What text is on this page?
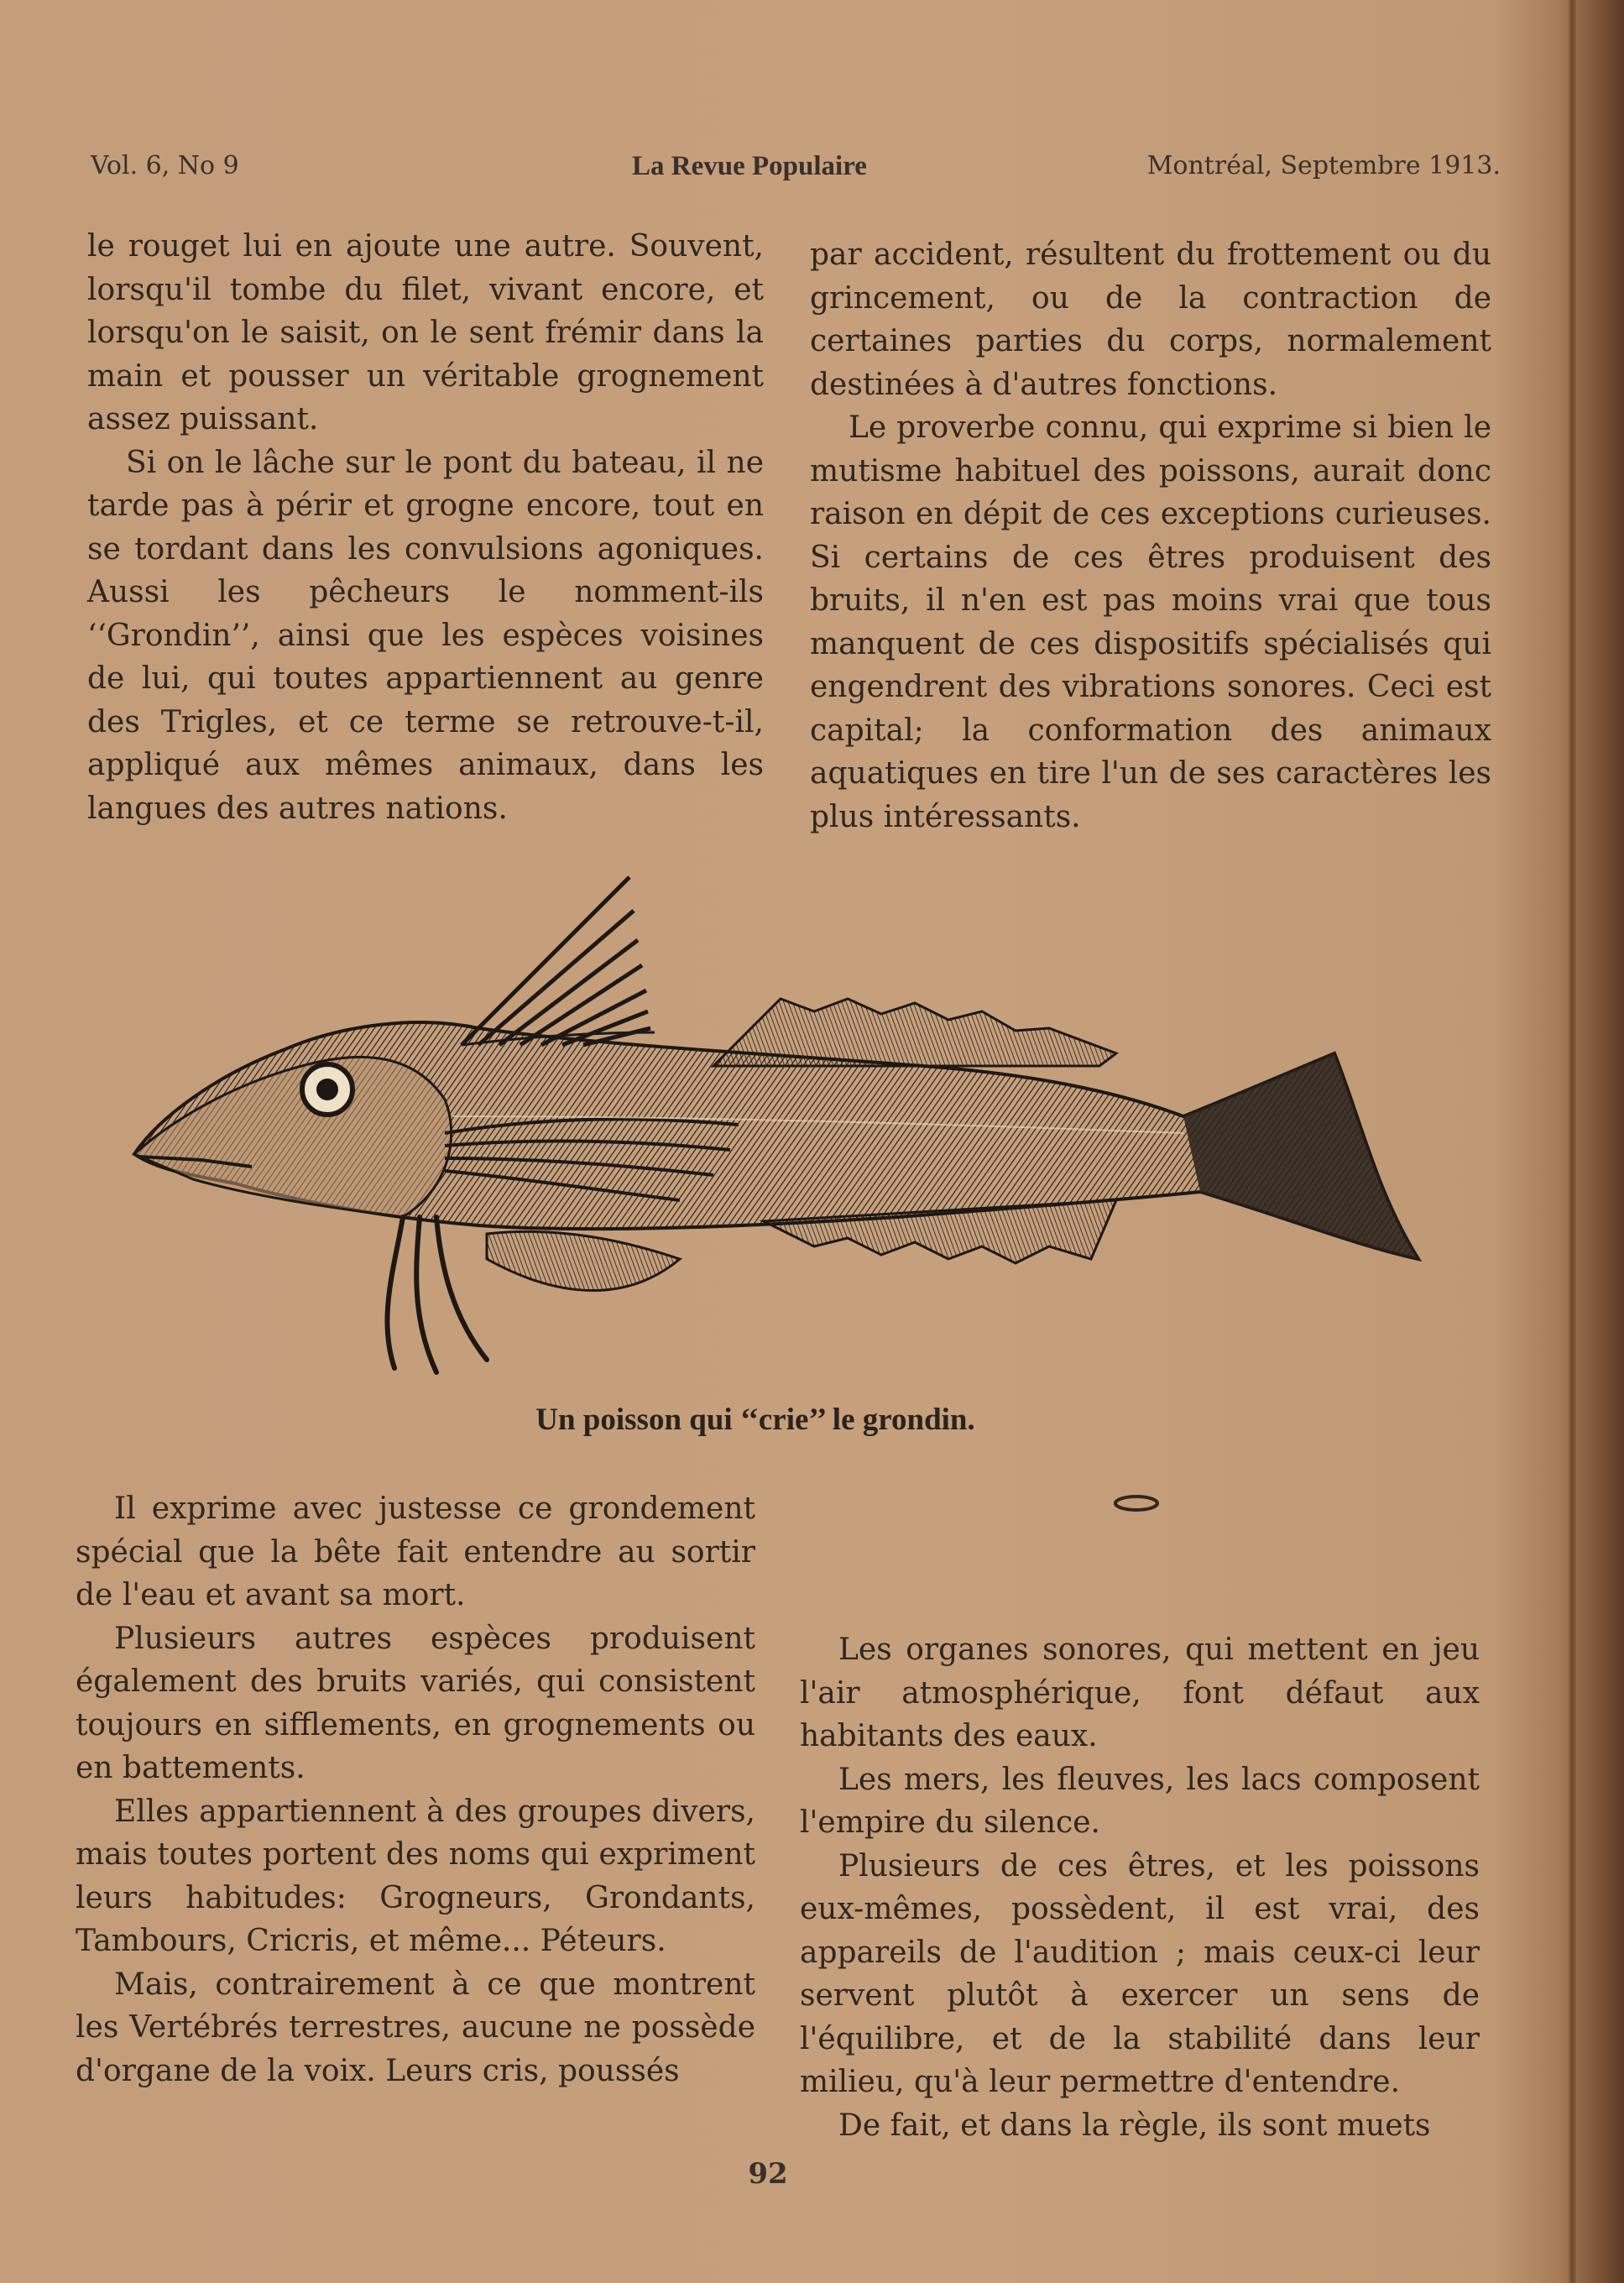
Vol. 6, No 9	La Revue Populaire	Montréal, Septembre 1913.

le rouget lui en ajoute une autre. Souvent, lorsqu'il tombe du filet, vivant encore, et lorsqu'on le saisit, on le sent frémir dans la main et pousser un véritable grognement assez puissant.

Si on le lâche sur le pont du bateau, il ne tarde pas à périr et grogne encore, tout en se tordant dans les convulsions agoniques. Aussi les pêcheurs le nomment-ils ‘‘Grondin’’, ainsi que les espèces voisines de lui, qui toutes appartiennent au genre des Trigles, et ce terme se retrouve-t-il, appliqué aux mêmes animaux, dans les langues des autres nations.

par accident, résultent du frottement ou du grincement, ou de la contraction de certaines parties du corps, normalement destinées à d'autres fonctions.

Le proverbe connu, qui exprime si bien le mutisme habituel des poissons, aurait donc raison en dépit de ces exceptions curieuses. Si certains de ces êtres produisent des bruits, il n'en est pas moins vrai que tous manquent de ces dispositifs spécialisés qui engendrent des vibrations sonores. Ceci est capital; la conformation des animaux aquatiques en tire l'un de ses caractères les plus intéressants.

Un poisson qui ‘‘crie’’ le grondin.

Il exprime avec justesse ce grondement spécial que la bête fait entendre au sortir de l'eau et avant sa mort.

Plusieurs autres espèces produisent également des bruits variés, qui consistent toujours en sifflements, en grognements ou en battements.

Elles appartiennent à des groupes divers, mais toutes portent des noms qui expriment leurs habitudes: Grogneurs, Grondants, Tambours, Cricris, et même... Péteurs.

Mais, contrairement à ce que montrent les Vertébrés terrestres, aucune ne possède d'organe de la voix. Leurs cris, poussés

Les organes sonores, qui mettent en jeu l'air atmosphérique, font défaut aux habitants des eaux.

Les mers, les fleuves, les lacs composent l'empire du silence.

Plusieurs de ces êtres, et les poissons eux-mêmes, possèdent, il est vrai, des appareils de l'audition ; mais ceux-ci leur servent plutôt à exercer un sens de l'équilibre, et de la stabilité dans leur milieu, qu'à leur permettre d'entendre.

De fait, et dans la règle, ils sont muets

92
